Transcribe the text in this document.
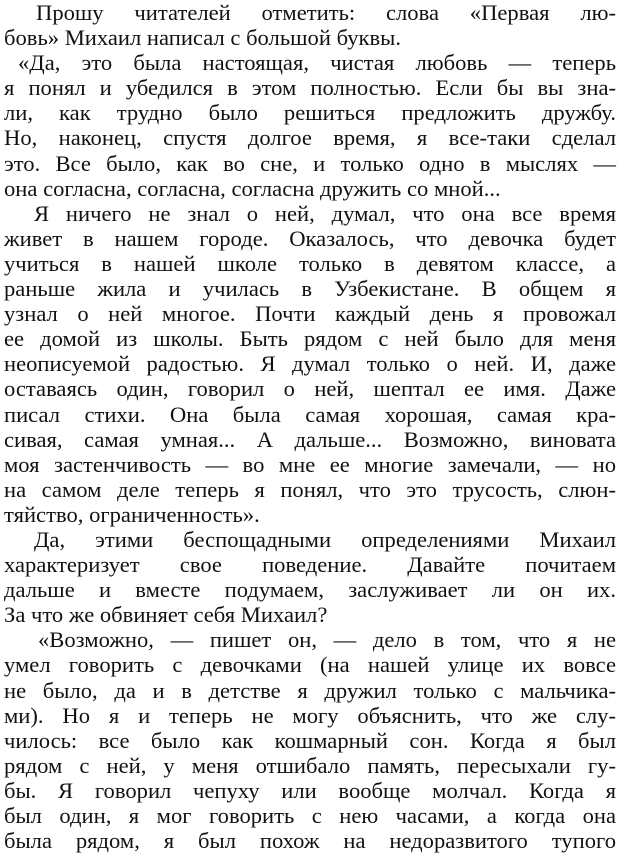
Прошу читателей отметить: слова «Первая лю-
бовь» Михаил написал с большой буквы.
«Да, это была настоящая, чистая любовь — теперь
я понял и убедился в этом полностью. Если бы вы зна-
ли, как трудно было решиться предложить дружбу.
Но, наконец, спустя долгое время, я все-таки сделал
это. Все было, как во сне, и только одно в мыслях —
она согласна, согласна, согласна дружить со мной...
Я ничего не знал о ней, думал, что она все время
живет в нашем городе. Оказалось, что девочка будет
учиться в нашей школе только в девятом классе, а
раньше жила и училась в Узбекистане. В общем я
узнал о ней многое. Почти каждый день я провожал
ее домой из школы. Быть рядом с ней было для меня
неописуемой радостью. Я думал только о ней. И, даже
оставаясь один, говорил о ней, шептал ее имя. Даже
писал стихи. Она была самая хорошая, самая кра-
сивая, самая умная... А дальше... Возможно, виновата
моя застенчивость — во мне ее многие замечали, — но
на самом деле теперь я понял, что это трусость, слюн-
тяйство, ограниченность».
Да, этими беспощадными определениями Михаил
характеризует свое поведение. Давайте почитаем
дальше и вместе подумаем, заслуживает ли он их.
За что же обвиняет себя Михаил?
«Возможно, — пишет он, — дело в том, что я не
умел говорить с девочками (на нашей улице их вовсе
не было, да и в детстве я дружил только с мальчика-
ми). Но я и теперь не могу объяснить, что же слу-
чилось: все было как кошмарный сон. Когда я был
рядом с ней, у меня отшибало память, пересыхали гу-
бы. Я говорил чепуху или вообще молчал. Когда я
был один, я мог говорить с нею часами, а когда она
была рядом, я был похож на недоразвитого тупого
